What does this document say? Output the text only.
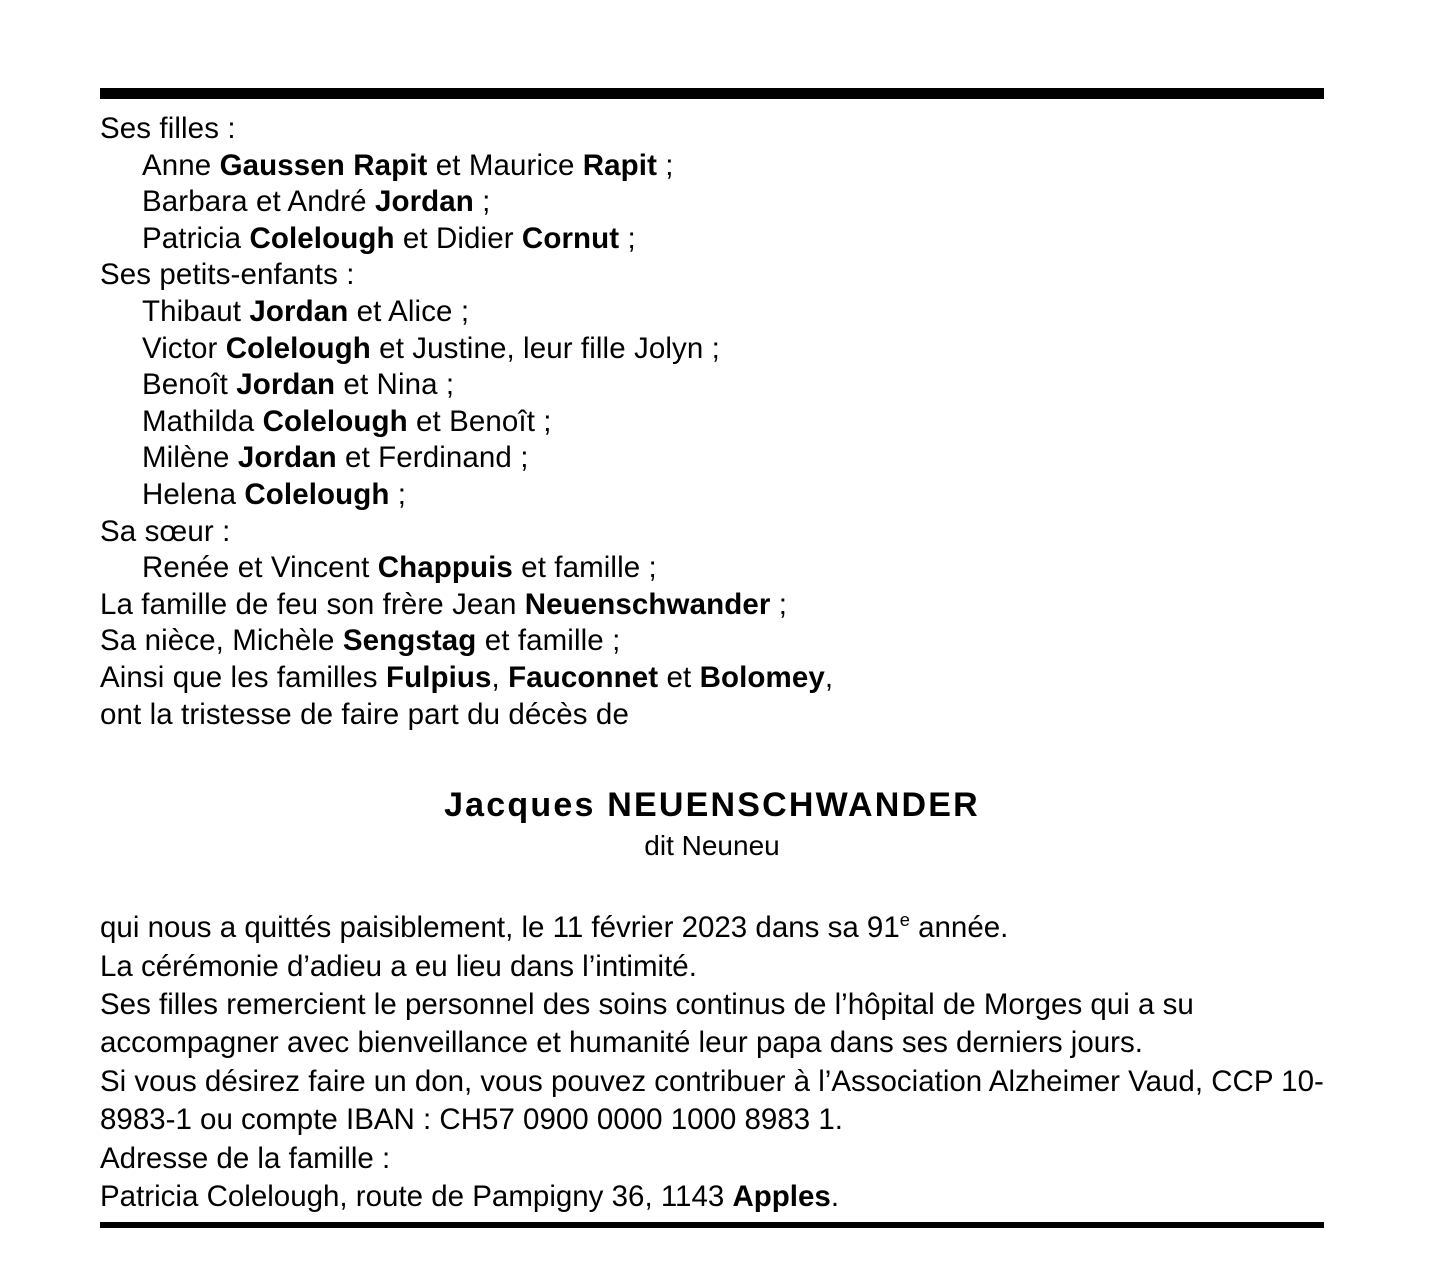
Ses filles :
Anne Gaussen Rapit et Maurice Rapit ;
Barbara et André Jordan ;
Patricia Colelough et Didier Cornut ;
Ses petits-enfants :
Thibaut Jordan et Alice ;
Victor Colelough et Justine, leur fille Jolyn ;
Benoît Jordan et Nina ;
Mathilda Colelough et Benoît ;
Milène Jordan et Ferdinand ;
Helena Colelough ;
Sa sœur :
Renée et Vincent Chappuis et famille ;
La famille de feu son frère Jean Neuenschwander ;
Sa nièce, Michèle Sengstag et famille ;
Ainsi que les familles Fulpius, Fauconnet et Bolomey,
ont la tristesse de faire part du décès de
Jacques NEUENSCHWANDER
dit Neuneu
qui nous a quittés paisiblement, le 11 février 2023 dans sa 91e année.
La cérémonie d’adieu a eu lieu dans l’intimité.
Ses filles remercient le personnel des soins continus de l’hôpital de Morges qui a su accompagner avec bienveillance et humanité leur papa dans ses derniers jours.
Si vous désirez faire un don, vous pouvez contribuer à l’Association Alzheimer Vaud, CCP 10-8983-1 ou compte IBAN : CH57 0900 0000 1000 8983 1.
Adresse de la famille :
Patricia Colelough, route de Pampigny 36, 1143 Apples.
